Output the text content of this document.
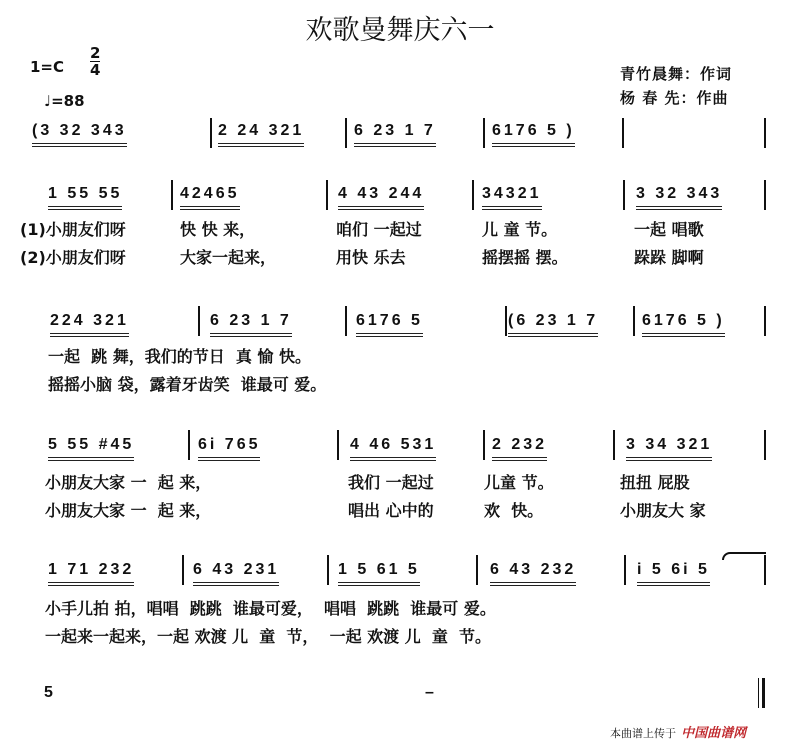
欢歌曼舞庆六一
1=C
2
4
♩=88
青竹晨舞：作词
杨 春 先：作曲
(3 32 343	2 24 321	6 23 1 7	6176 5 )
1 55 55	42465	4 43 244	34321	3 32 343
(1)小朋友们呀	快 快 来，	咱们 一起过	儿 童 节。	一起 唱歌
(2)小朋友们呀	大家一起来，	用快 乐去	摇摆摇 摆。	跺跺 脚啊
224 321	6 23 1 7	6176 5	(6 23 1 7	6176 5 )
一起  跳 舞，我们的节日  真 愉 快。
摇摇小脑 袋，露着牙齿笑  谁最可 爱。
5 55 #45	6i 765	4 46 531	2 232	3 34 321
小朋友大家 一  起 来，	我们 一起过	儿童 节。	扭扭 屁股
小朋友大家 一  起 来，	唱出 心中的	欢  快。	小朋友大 家
1 71 232	6 43 231	1 5 61 5	6 43 232	i 5 6i 5
小手儿拍 拍，唱唱  跳跳  谁最可爱，  唱唱  跳跳  谁最可 爱。
一起来一起来，一起 欢渡 儿  童  节，  一起 欢渡 儿  童  节。
5	–
本曲谱上传于 中国曲谱网
